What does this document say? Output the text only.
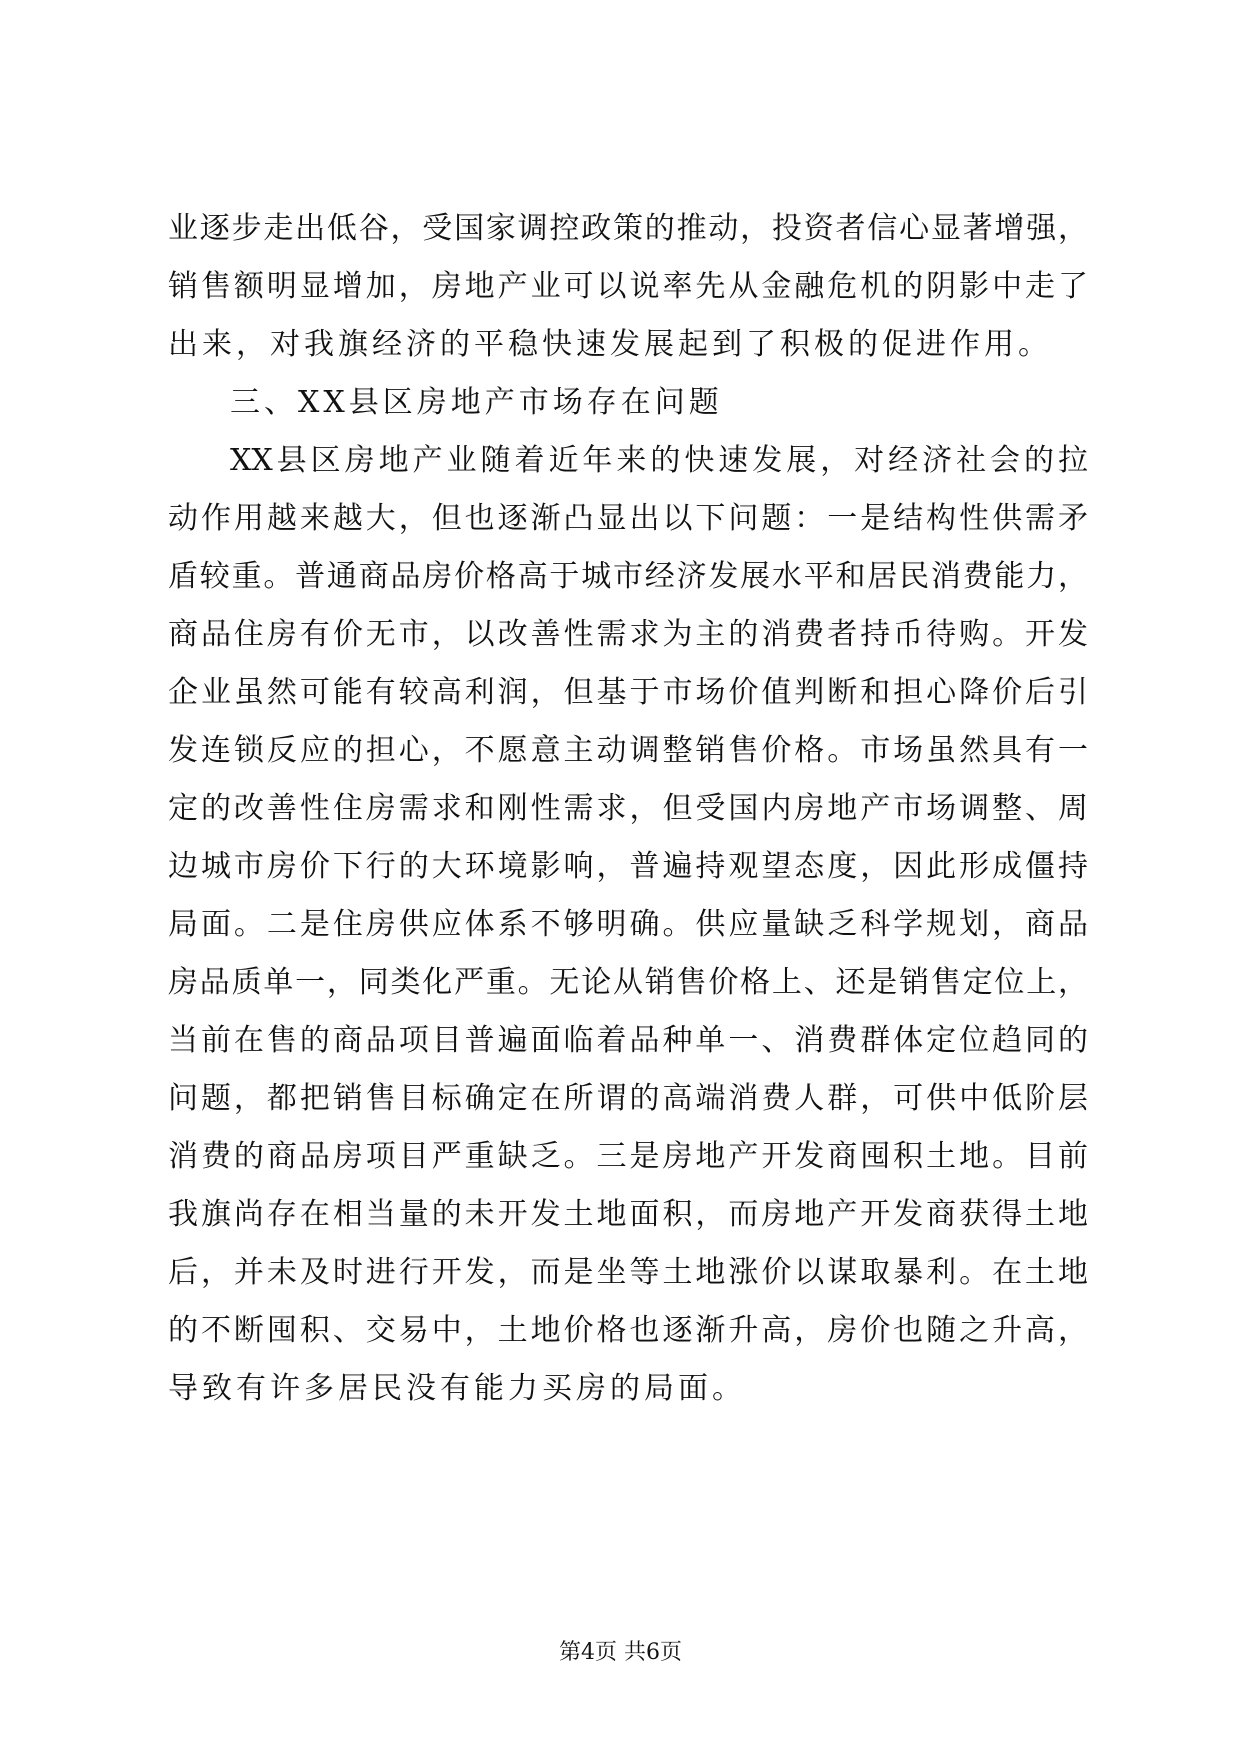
业逐步走出低谷，受国家调控政策的推动，投资者信心显著增强，
销售额明显增加，房地产业可以说率先从金融危机的阴影中走了
出来，对我旗经济的平稳快速发展起到了积极的促进作用。
三、XX县区房地产市场存在问题
XX县区房地产业随着近年来的快速发展，对经济社会的拉
动作用越来越大，但也逐渐凸显出以下问题：一是结构性供需矛
盾较重。普通商品房价格高于城市经济发展水平和居民消费能力，
商品住房有价无市，以改善性需求为主的消费者持币待购。开发
企业虽然可能有较高利润，但基于市场价值判断和担心降价后引
发连锁反应的担心，不愿意主动调整销售价格。市场虽然具有一
定的改善性住房需求和刚性需求，但受国内房地产市场调整、周
边城市房价下行的大环境影响，普遍持观望态度，因此形成僵持
局面。二是住房供应体系不够明确。供应量缺乏科学规划，商品
房品质单一，同类化严重。无论从销售价格上、还是销售定位上，
当前在售的商品项目普遍面临着品种单一、消费群体定位趋同的
问题，都把销售目标确定在所谓的高端消费人群，可供中低阶层
消费的商品房项目严重缺乏。三是房地产开发商囤积土地。目前
我旗尚存在相当量的未开发土地面积，而房地产开发商获得土地
后，并未及时进行开发，而是坐等土地涨价以谋取暴利。在土地
的不断囤积、交易中，土地价格也逐渐升高，房价也随之升高，
导致有许多居民没有能力买房的局面。
第4页 共6页
